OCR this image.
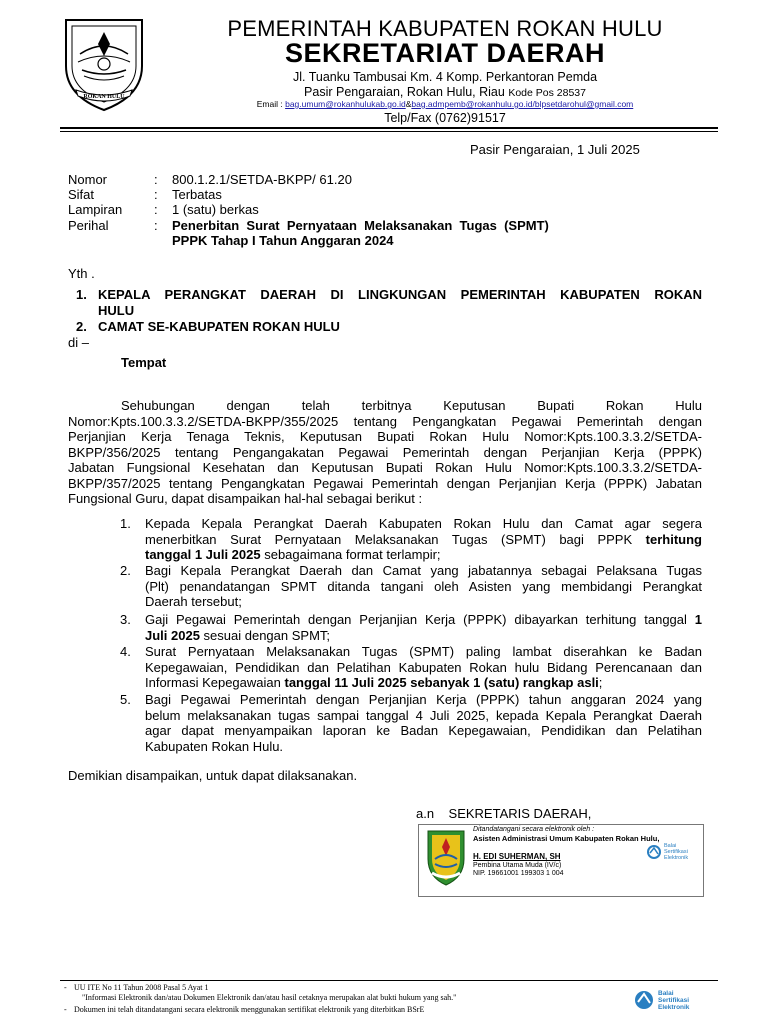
ROKAN HULU
PEMERINTAH KABUPATEN ROKAN HULU
SEKRETARIAT DAERAH
Jl. Tuanku Tambusai Km. 4 Komp. Perkantoran Pemda
Pasir Pengaraian, Rokan Hulu, Riau Kode Pos 28537
Email : bag.umum@rokanhulukab.go.id&bag.admpemb@rokanhulu.go.id/blpsetdarohul@gmail.com
Telp/Fax (0762)91517
Pasir Pengaraian, 1 Juli 2025
Nomor	: 800.1.2.1/SETDA-BKPP/ 61.20
Sifat	: Terbatas
Lampiran	: 1 (satu) berkas
Perihal	: Penerbitan  Surat  Pernyataan  Melaksanakan  Tugas  (SPMT)
PPPK Tahap I Tahun Anggaran 2024
Yth .
1. KEPALA PERANGKAT DAERAH DI LINGKUNGAN PEMERINTAH KABUPATEN ROKAN
HULU
2. CAMAT SE-KABUPATEN ROKAN HULU
di –
Tempat
Sehubungan dengan telah terbitnya Keputusan Bupati Rokan Hulu
Nomor:Kpts.100.3.3.2/SETDA-BKPP/355/2025 tentang Pengangkatan Pegawai Pemerintah dengan
Perjanjian Kerja Tenaga Teknis, Keputusan Bupati Rokan Hulu Nomor:Kpts.100.3.3.2/SETDA-
BKPP/356/2025 tentang Pengangakatan Pegawai Pemerintah dengan Perjanjian Kerja (PPPK)
Jabatan Fungsional Kesehatan dan Keputusan Bupati Rokan Hulu Nomor:Kpts.100.3.3.2/SETDA-
BKPP/357/2025 tentang Pengangkatan Pegawai Pemerintah dengan Perjanjian Kerja (PPPK) Jabatan
Fungsional Guru, dapat disampaikan hal-hal sebagai berikut :
1. Kepada Kepala Perangkat Daerah Kabupaten Rokan Hulu dan Camat agar segera
menerbitkan Surat Pernyataan Melaksanakan Tugas (SPMT) bagi PPPK terhitung
tanggal 1 Juli 2025 sebagaimana format terlampir;
2. Bagi Kepala Perangkat Daerah dan Camat yang jabatannya sebagai Pelaksana Tugas
(Plt) penandatangan SPMT ditanda tangani oleh Asisten yang membidangi Perangkat
Daerah tersebut;
3. Gaji Pegawai Pemerintah dengan Perjanjian Kerja (PPPK) dibayarkan terhitung tanggal 1
Juli 2025 sesuai dengan SPMT;
4. Surat Pernyataan Melaksanakan Tugas (SPMT) paling lambat diserahkan ke Badan
Kepegawaian, Pendidikan dan Pelatihan Kabupaten Rokan hulu Bidang Perencanaan dan
Informasi Kepegawaian tanggal 11 Juli 2025 sebanyak 1 (satu) rangkap asli;
5. Bagi Pegawai Pemerintah dengan Perjanjian Kerja (PPPK) tahun anggaran 2024 yang
belum melaksanakan tugas sampai tanggal 4 Juli 2025, kepada Kepala Perangkat Daerah
agar dapat menyampaikan laporan ke Badan Kepegawaian, Pendidikan dan Pelatihan
Kabupaten Rokan Hulu.
Demikian disampaikan, untuk dapat dilaksanakan.
a.n SEKRETARIS DAERAH,
Ditandatangani secara elektronik oleh :
Asisten Administrasi Umum Kabupaten Rokan Hulu,
H. EDI SUHERMAN, SH
Pembina Utama Muda (IV/c)
NIP. 19661001 199303 1 004
Balai
Sertifikasi
Elektronik
- UU ITE No 11 Tahun 2008 Pasal 5 Ayat 1
"Informasi Elektronik dan/atau Dokumen Elektronik dan/atau hasil cetaknya merupakan alat bukti hukum yang sah."
- Dokumen ini telah ditandatangani secara elektronik menggunakan sertifikat elektronik yang diterbitkan BSrE
Balai
Sertifikasi
Elektronik
